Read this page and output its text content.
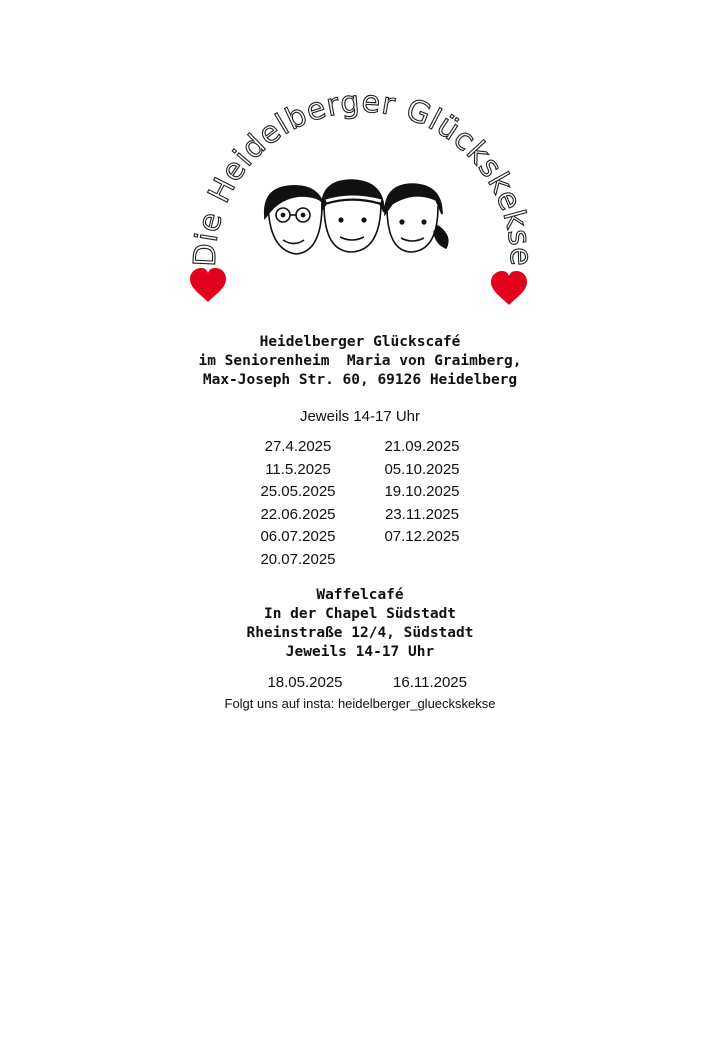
Die Heidelberger Glückskekse
Heidelberger Glückscafé
im Seniorenheim  Maria von Graimberg,
Max-Joseph Str. 60, 69126 Heidelberg
Jeweils 14-17 Uhr
27.4.2025
11.5.2025
25.05.2025
22.06.2025
06.07.2025
20.07.2025
21.09.2025
05.10.2025
19.10.2025
23.11.2025
07.12.2025
Waffelcafé
In der Chapel Südstadt
Rheinstraße 12/4, Südstadt
Jeweils 14-17 Uhr
18.05.2025	16.11.2025
Folgt uns auf insta: heidelberger_glueckskekse
